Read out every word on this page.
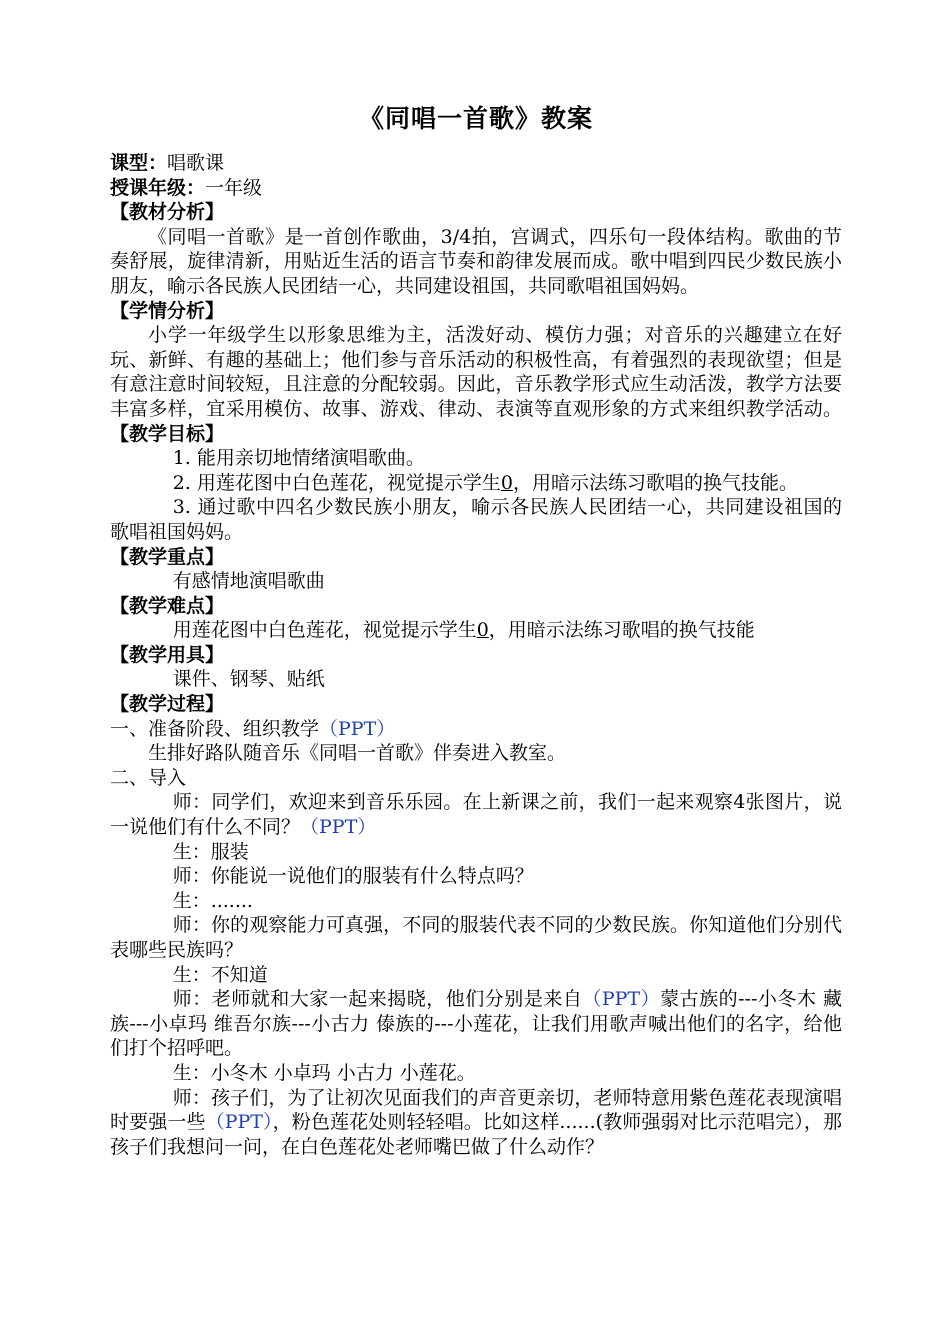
《同唱一首歌》教案

课型：唱歌课

授课年级：一年级

【教材分析】

《同唱一首歌》是一首创作歌曲，3/4拍，宫调式，四乐句一段体结构。歌曲的节奏舒展，旋律清新，用贴近生活的语言节奏和韵律发展而成。歌中唱到四民少数民族小朋友，喻示各民族人民团结一心，共同建设祖国，共同歌唱祖国妈妈。

【学情分析】

小学一年级学生以形象思维为主，活泼好动、模仿力强；对音乐的兴趣建立在好玩、新鲜、有趣的基础上；他们参与音乐活动的积极性高，有着强烈的表现欲望；但是有意注意时间较短，且注意的分配较弱。因此，音乐教学形式应生动活泼，教学方法要丰富多样，宜采用模仿、故事、游戏、律动、表演等直观形象的方式来组织教学活动。【教学目标】

1. 能用亲切地情绪演唱歌曲。

2. 用莲花图中白色莲花，视觉提示学生0，用暗示法练习歌唱的换气技能。

3. 通过歌中四名少数民族小朋友，喻示各民族人民团结一心，共同建设祖国的歌唱祖国妈妈。

【教学重点】

有感情地演唱歌曲

【教学难点】

用莲花图中白色莲花，视觉提示学生0，用暗示法练习歌唱的换气技能

【教学用具】

课件、钢琴、贴纸

【教学过程】

一、准备阶段、组织教学（PPT）

生排好路队随音乐《同唱一首歌》伴奏进入教室。

二、导入

师：同学们，欢迎来到音乐乐园。在上新课之前，我们一起来观察4张图片，说一说他们有什么不同？（PPT）

生：服装

师：你能说一说他们的服装有什么特点吗？

生：.......

师：你的观察能力可真强，不同的服装代表不同的少数民族。你知道他们分别代表哪些民族吗？

生：不知道

师：老师就和大家一起来揭晓，他们分别是来自（PPT）蒙古族的---小冬木 藏族---小卓玛 维吾尔族---小古力 傣族的---小莲花，让我们用歌声喊出他们的名字，给他们打个招呼吧。

生：小冬木 小卓玛 小古力 小莲花。

师：孩子们，为了让初次见面我们的声音更亲切，老师特意用紫色莲花表现演唱时要强一些（PPT），粉色莲花处则轻轻唱。比如这样......(教师强弱对比示范唱完），那孩子们我想问一问，在白色莲花处老师嘴巴做了什么动作？
